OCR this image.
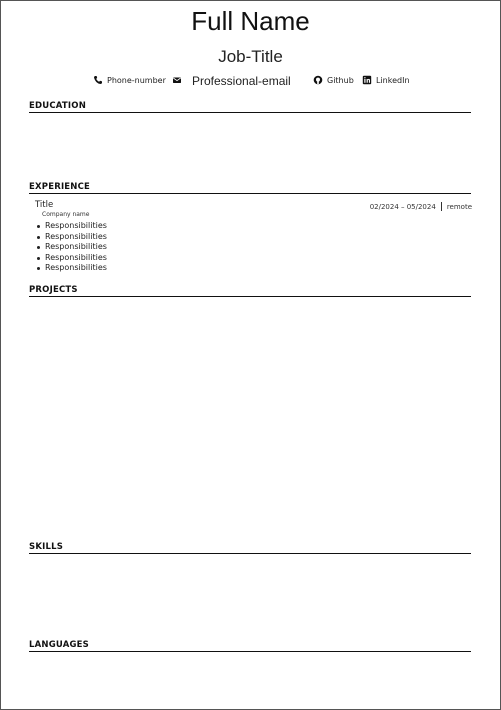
Full Name
Job-Title
Phone-number Professional-email	Github	LinkedIn
EDUCATION
EXPERIENCE
Title
Company name
02/2024 – 05/2024 remote
Responsibilities
Responsibilities
Responsibilities
Responsibilities
Responsibilities
PROJECTS
SKILLS
LANGUAGES
